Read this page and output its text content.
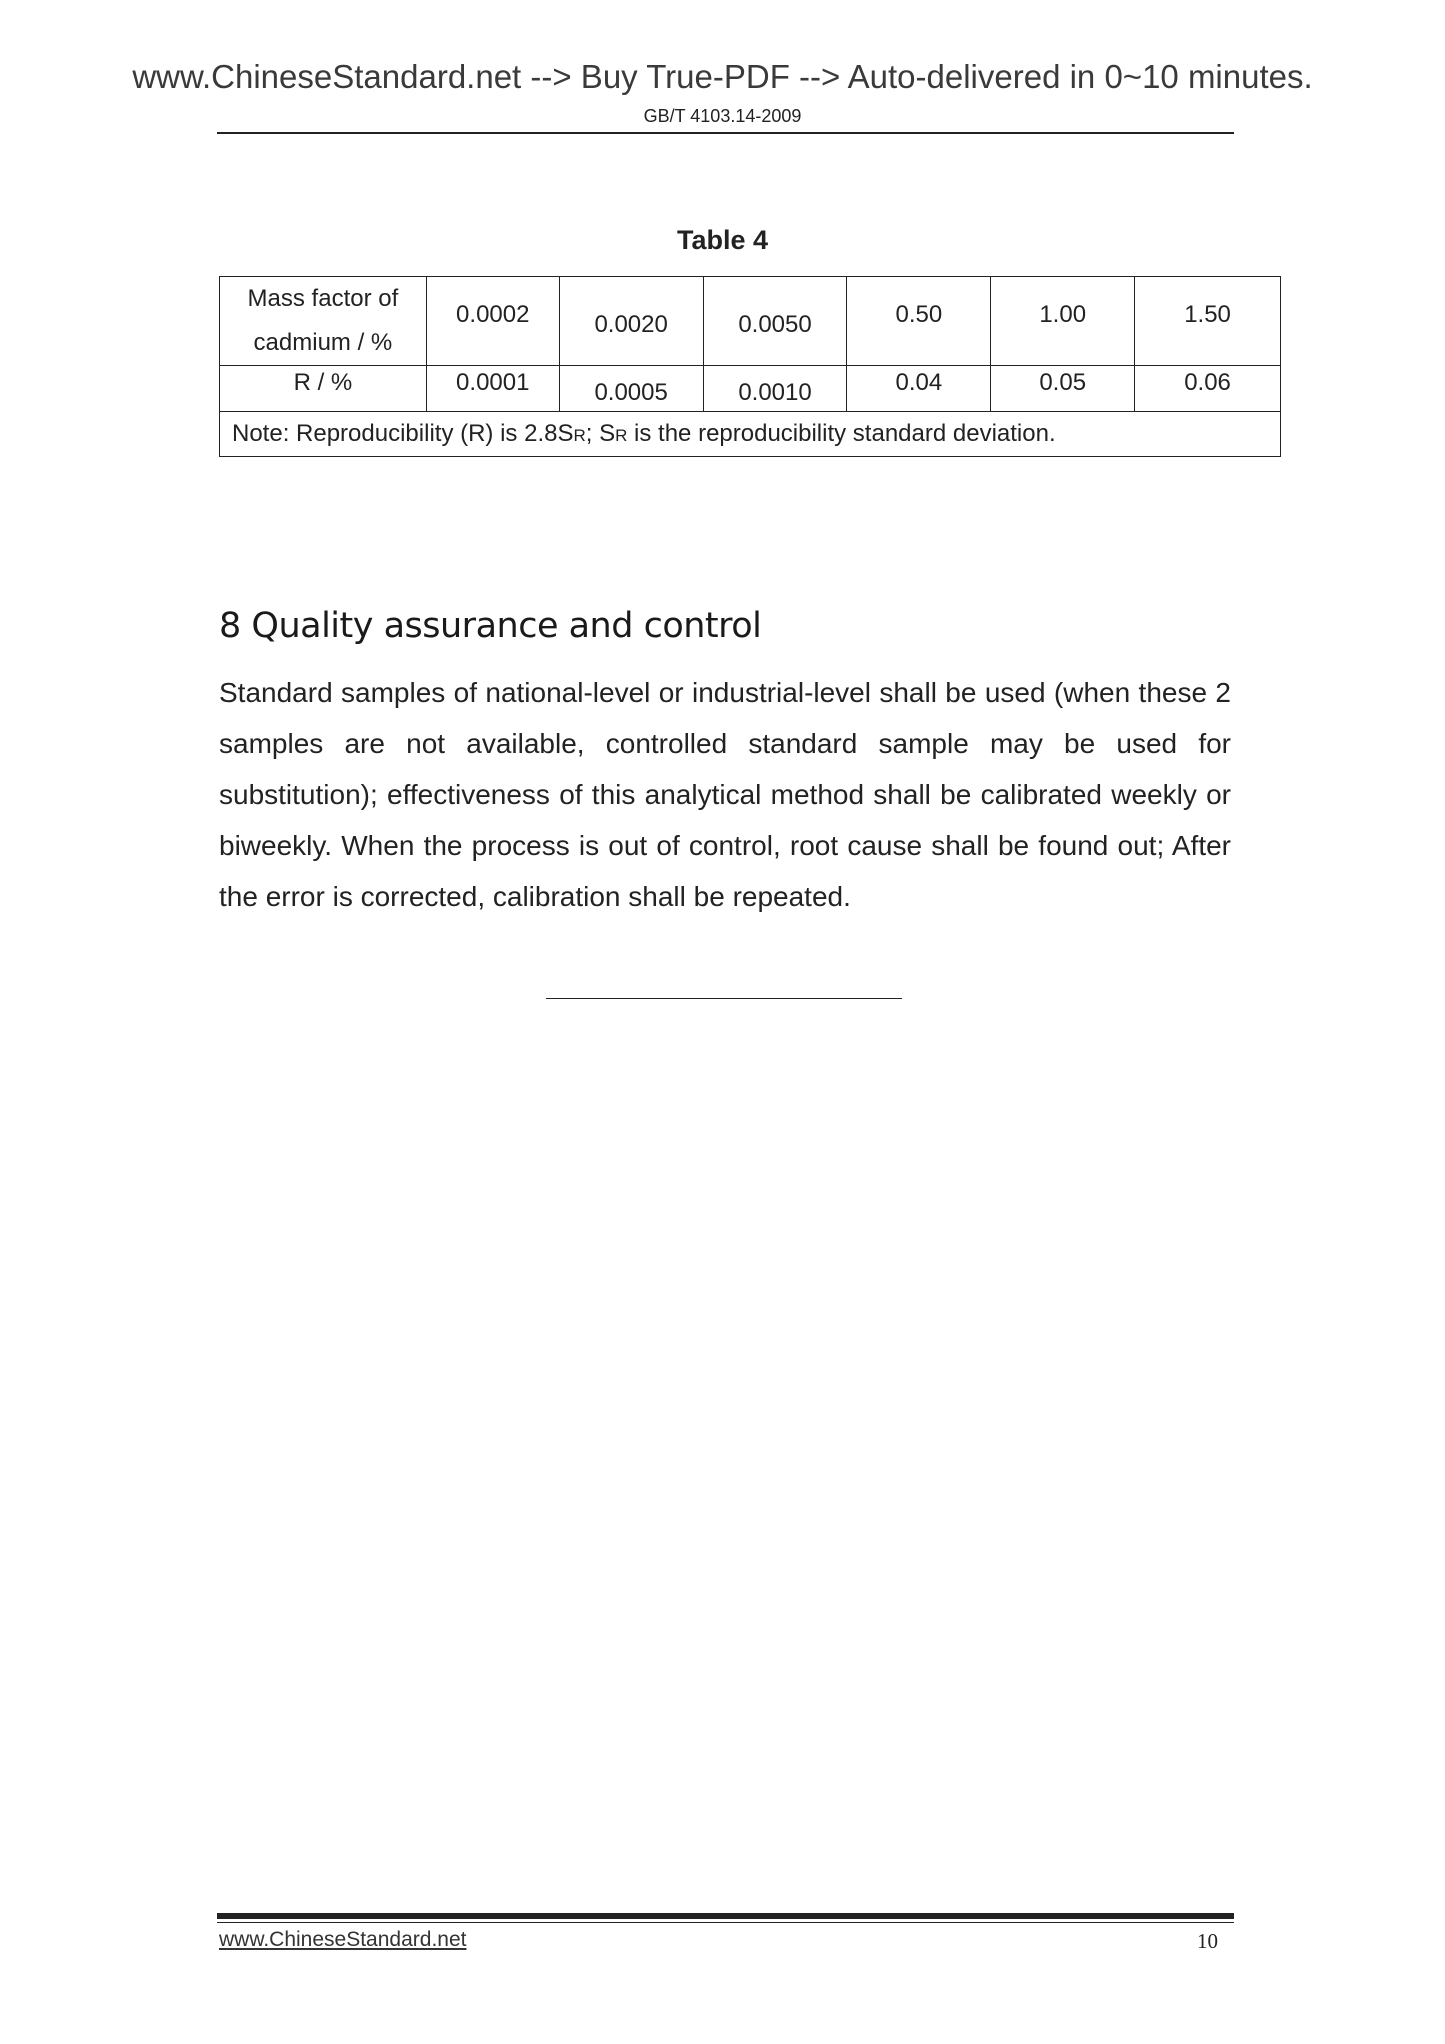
www.ChineseStandard.net --> Buy True-PDF --> Auto-delivered in 0~10 minutes.
GB/T 4103.14-2009
Table 4
Mass factor of
cadmium / %	0.0002	0.0020	0.0050	0.50	1.00	1.50
R / %	0.0001	0.0005	0.0010	0.04	0.05	0.06
Note: Reproducibility (R) is 2.8SR; SR is the reproducibility standard deviation.						
8 Quality assurance and control

Standard samples of national-level or industrial-level shall be used (when these 2 samples are not available, controlled standard sample may be used for substitution); effectiveness of this analytical method shall be calibrated weekly or biweekly. When the process is out of control, root cause shall be found out; After the error is corrected, calibration shall be repeated.

www.ChineseStandard.net	10
